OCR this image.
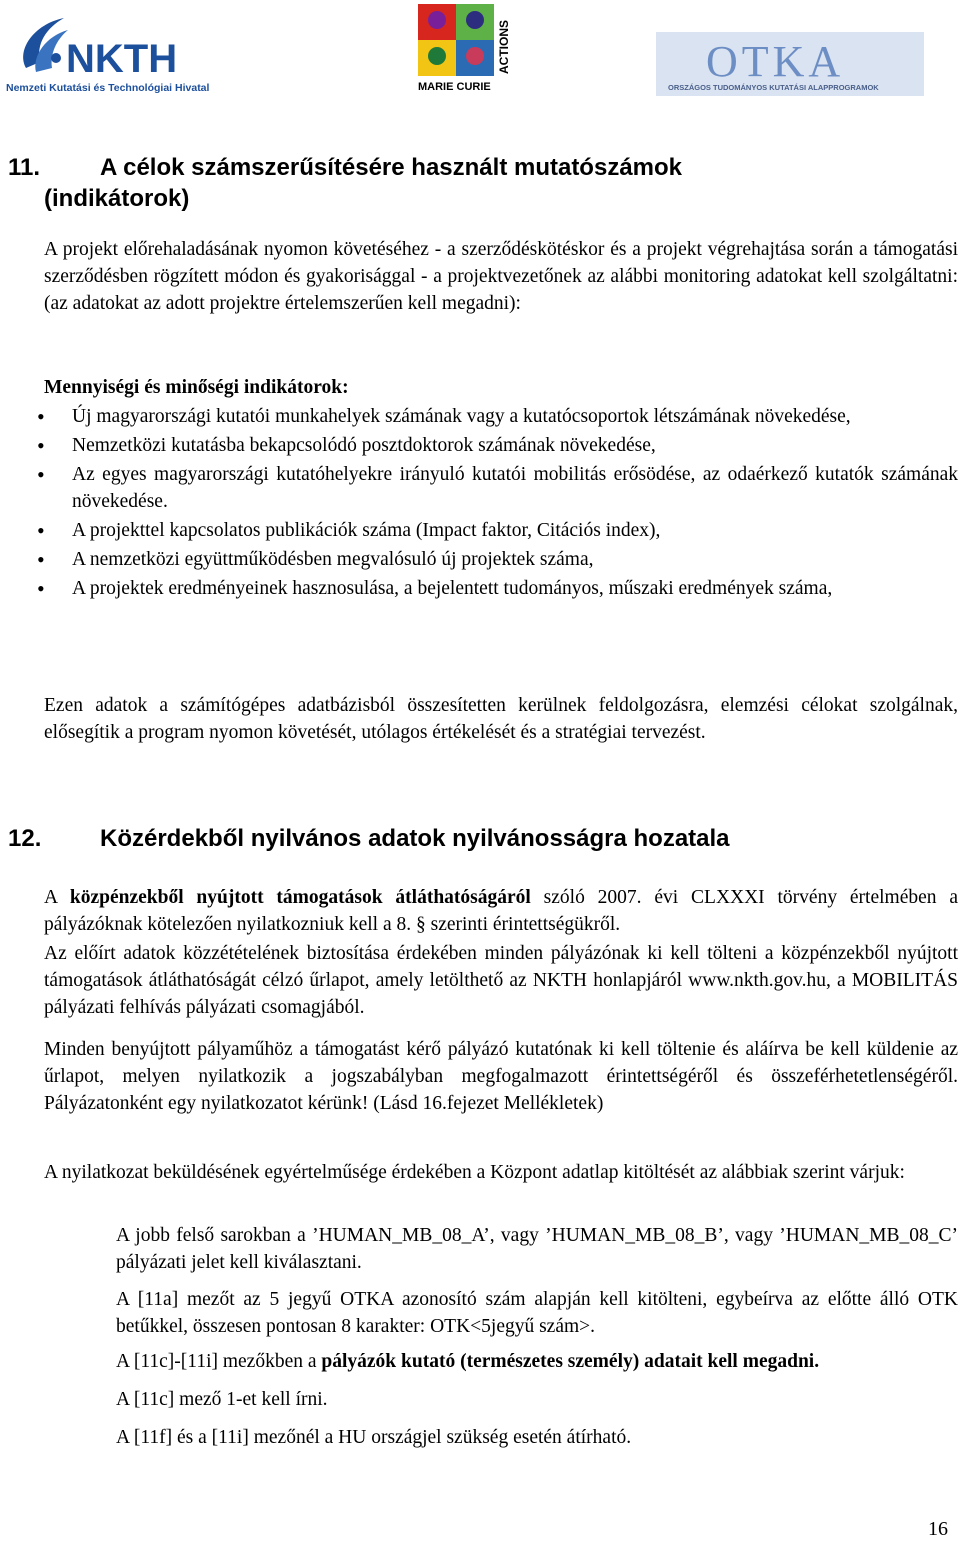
NKTH
Nemzeti Kutatási és Technológiai Hivatal
ACTIONS
MARIE CURIE
OTKA
ORSZÁGOS TUDOMÁNYOS KUTATÁSI ALAPPROGRAMOK
11.	A célok számszerűsítésére használt mutatószámok
(indikátorok)
A projekt előrehaladásának nyomon követéséhez - a szerződéskötéskor és a projekt végrehajtása során a támogatási szerződésben rögzített módon és gyakorisággal - a projektvezetőnek az alábbi monitoring adatokat kell szolgáltatni: (az adatokat az adott projektre értelemszerűen kell megadni):
Mennyiségi és minőségi indikátorok:
• Új magyarországi kutatói munkahelyek számának vagy a kutatócsoportok létszámának növekedése,
• Nemzetközi kutatásba bekapcsolódó posztdoktorok számának növekedése,
• Az egyes magyarországi kutatóhelyekre irányuló kutatói mobilitás erősödése, az odaérkező kutatók számának növekedése.
• A projekttel kapcsolatos publikációk száma (Impact faktor, Citációs index),
• A nemzetközi együttműködésben megvalósuló új projektek száma,
• A projektek eredményeinek hasznosulása, a bejelentett tudományos, műszaki eredmények száma,
Ezen adatok a számítógépes adatbázisból összesítetten kerülnek feldolgozásra, elemzési célokat szolgálnak, elősegítik a program nyomon követését, utólagos értékelését és a stratégiai tervezést.
12.	Közérdekből nyilvános adatok nyilvánosságra hozatala
A közpénzekből nyújtott támogatások átláthatóságáról szóló 2007. évi CLXXXI törvény értelmében a pályázóknak kötelezően nyilatkozniuk kell a 8. § szerinti érintettségükről.
Az előírt adatok közzétételének biztosítása érdekében minden pályázónak ki kell tölteni a közpénzekből nyújtott támogatások átláthatóságát célzó űrlapot, amely letölthető az NKTH honlapjáról www.nkth.gov.hu, a MOBILITÁS pályázati felhívás pályázati csomagjából.
Minden benyújtott pályaműhöz a támogatást kérő pályázó kutatónak ki kell töltenie és aláírva be kell küldenie az űrlapot, melyen nyilatkozik a jogszabályban megfogalmazott érintettségéről és összeférhetetlenségéről. Pályázatonként egy nyilatkozatot kérünk! (Lásd 16.fejezet Mellékletek)
A nyilatkozat beküldésének egyértelműsége érdekében a Központ adatlap kitöltését az alábbiak szerint várjuk:
A jobb felső sarokban a ’HUMAN_MB_08_A’, vagy ’HUMAN_MB_08_B’, vagy ’HUMAN_MB_08_C’ pályázati jelet kell kiválasztani.
A [11a] mezőt az 5 jegyű OTKA azonosító szám alapján kell kitölteni, egybeírva az előtte álló OTK betűkkel, összesen pontosan 8 karakter: OTK<5jegyű szám>.
A [11c]-[11i] mezőkben a pályázók kutató (természetes személy) adatait kell megadni.
A [11c] mező 1-et kell írni.
A [11f] és a [11i] mezőnél a HU országjel szükség esetén átírható.
16
